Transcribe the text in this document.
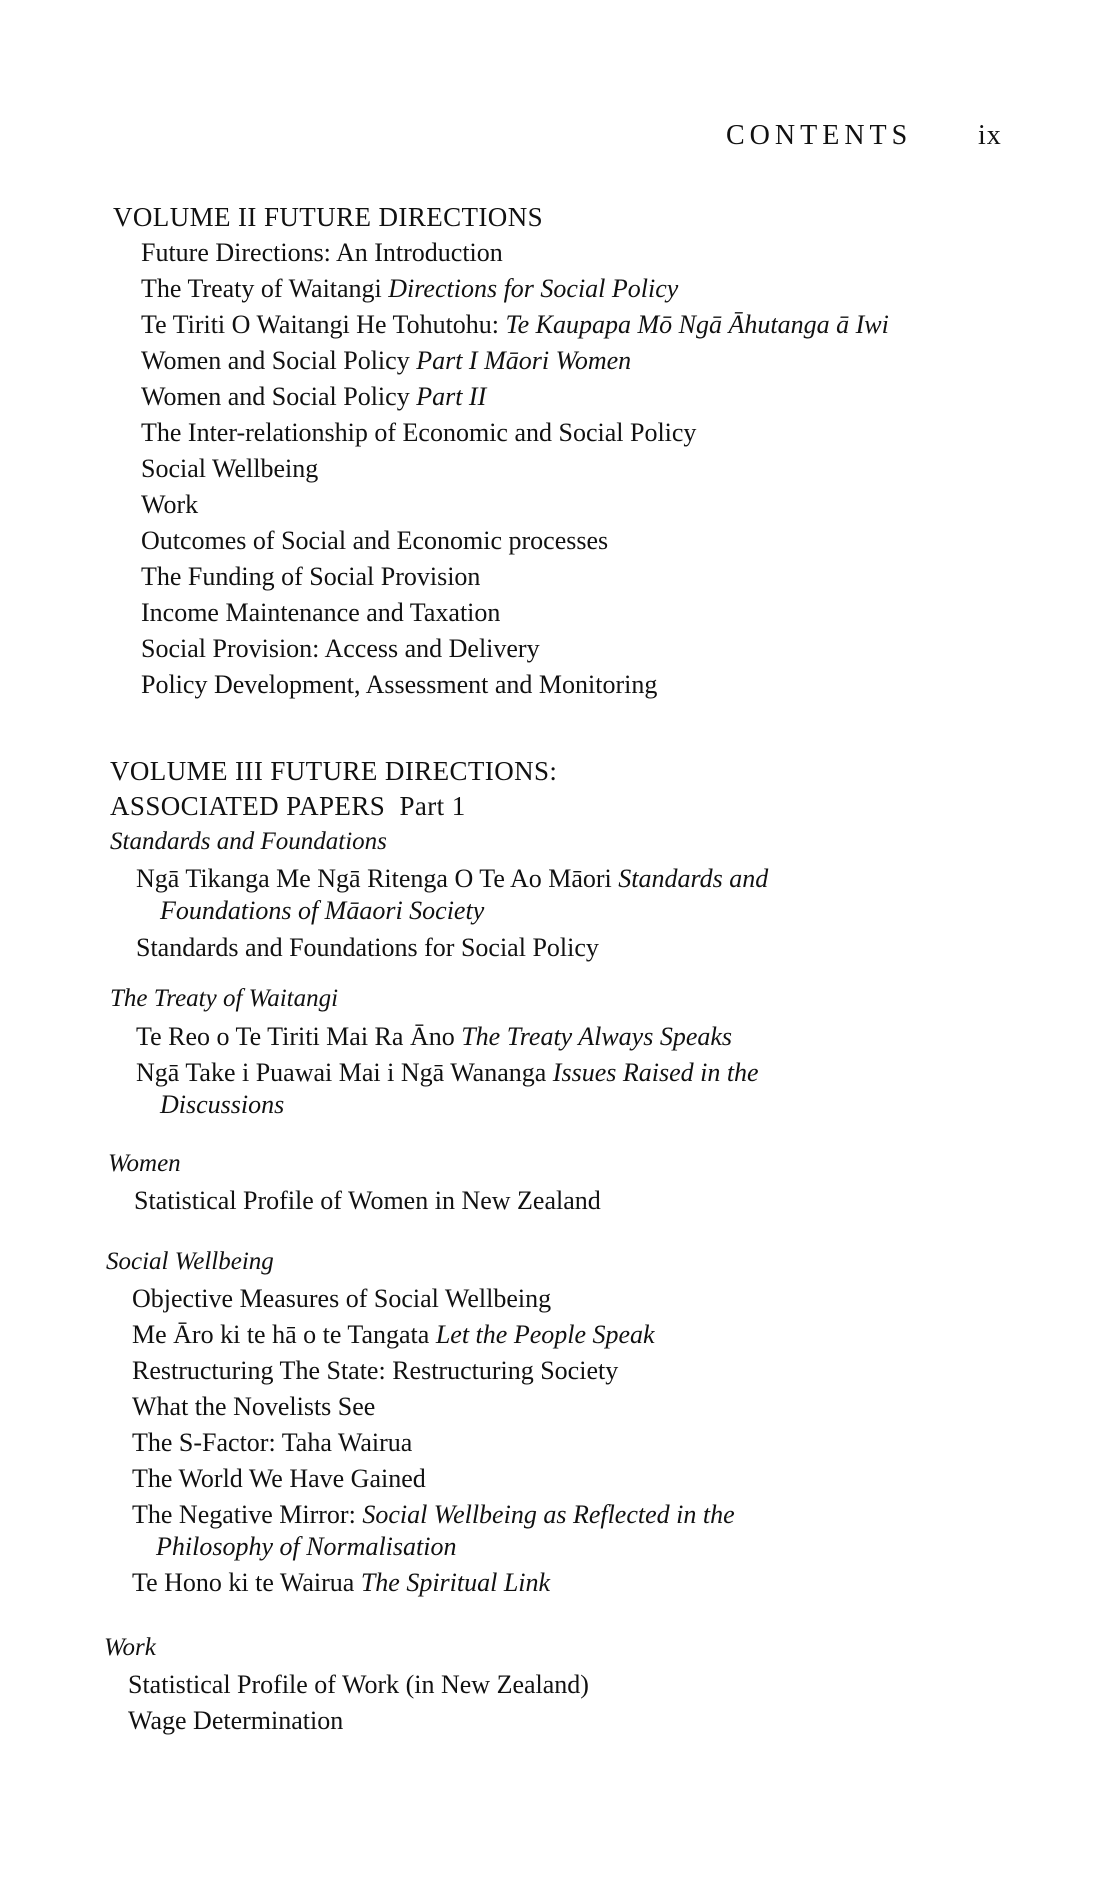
CONTENTS ix
VOLUME II FUTURE DIRECTIONS
Future Directions: An Introduction
The Treaty of Waitangi Directions for Social Policy
Te Tiriti O Waitangi He Tohutohu: Te Kaupapa Mō Ngā Āhutanga ā Iwi
Women and Social Policy Part I Māori Women
Women and Social Policy Part II
The Inter-relationship of Economic and Social Policy
Social Wellbeing
Work
Outcomes of Social and Economic processes
The Funding of Social Provision
Income Maintenance and Taxation
Social Provision: Access and Delivery
Policy Development, Assessment and Monitoring
VOLUME III FUTURE DIRECTIONS:
ASSOCIATED PAPERS Part 1
Standards and Foundations
Ngā Tikanga Me Ngā Ritenga O Te Ao Māori Standards and
Foundations of Māaori Society
Standards and Foundations for Social Policy
The Treaty of Waitangi
Te Reo o Te Tiriti Mai Ra Āno The Treaty Always Speaks
Ngā Take i Puawai Mai i Ngā Wananga Issues Raised in the
Discussions
Women
Statistical Profile of Women in New Zealand
Social Wellbeing
Objective Measures of Social Wellbeing
Me Āro ki te hā o te Tangata Let the People Speak
Restructuring The State: Restructuring Society
What the Novelists See
The S-Factor: Taha Wairua
The World We Have Gained
The Negative Mirror: Social Wellbeing as Reflected in the
Philosophy of Normalisation
Te Hono ki te Wairua The Spiritual Link
Work
Statistical Profile of Work (in New Zealand)
Wage Determination
